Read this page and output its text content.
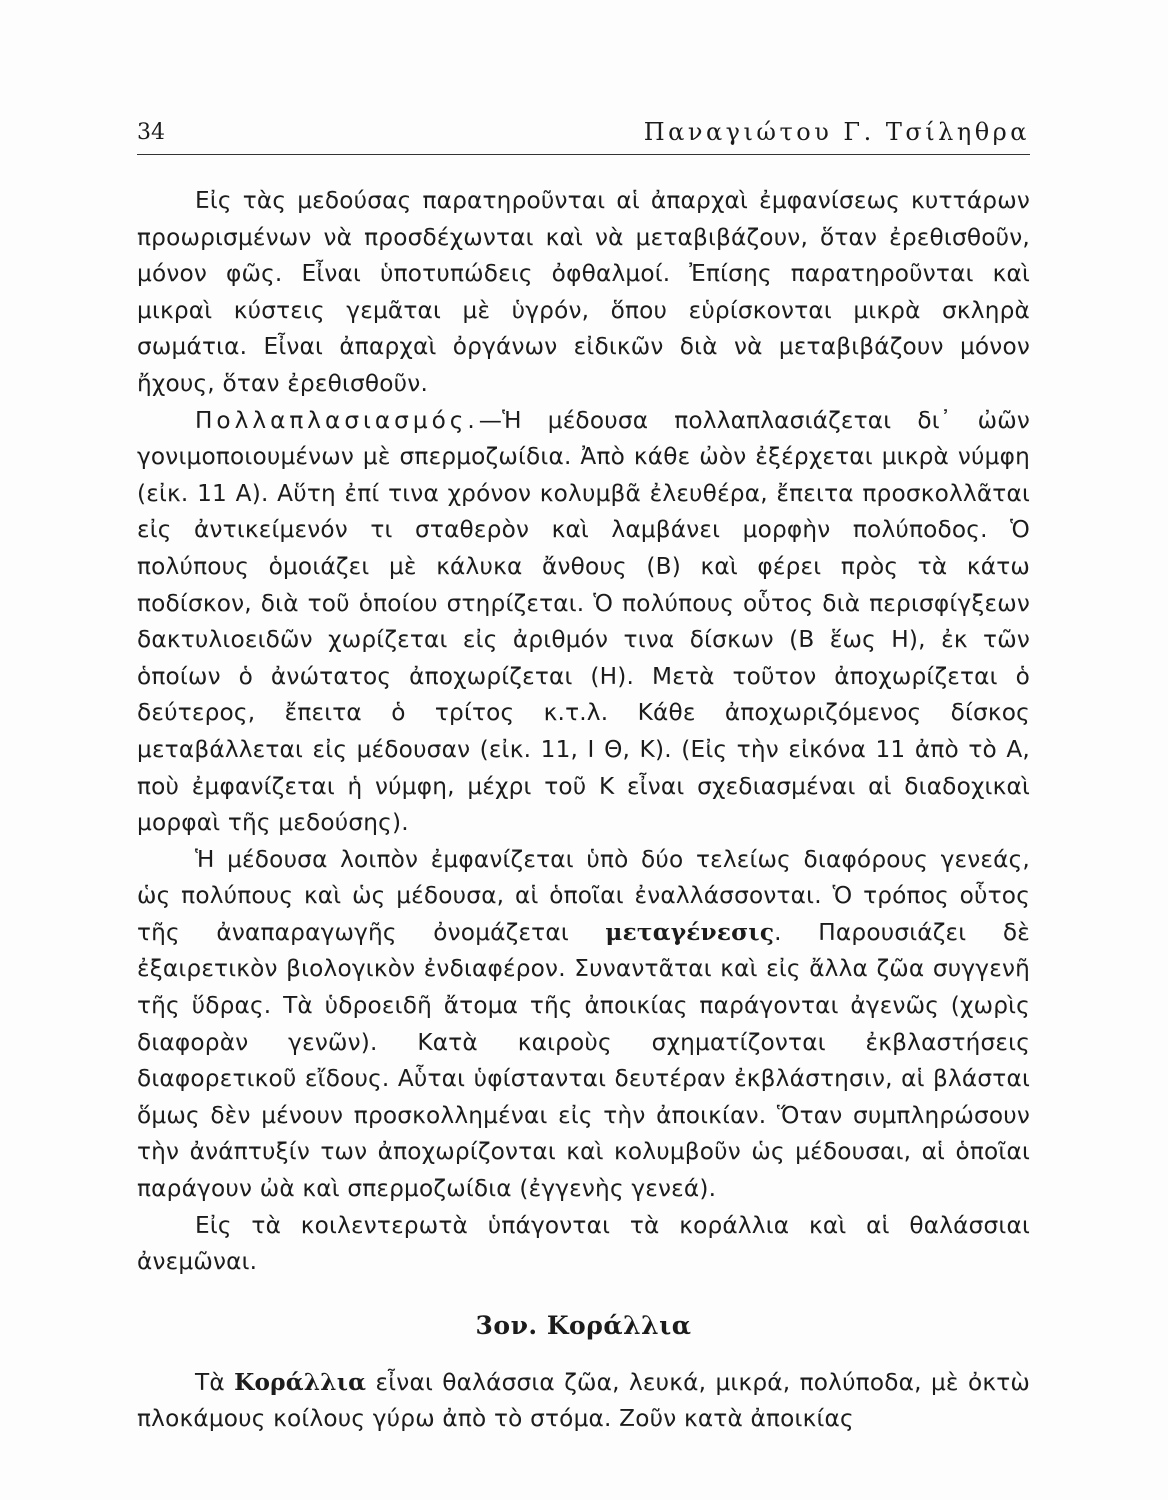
34	Παναγιώτου Γ. Τσίληθρα

Εἰς τὰς μεδούσας παρατηροῦνται αἱ ἀπαρχαὶ ἐμφανίσεως κυττάρων προωρισμένων νὰ προσδέχωνται καὶ νὰ μεταβιβάζουν, ὅταν ἐρεθισθοῦν, μόνον φῶς. Εἶναι ὑποτυπώδεις ὀφθαλμοί. Ἐπίσης παρατηροῦνται καὶ μικραὶ κύστεις γεμᾶται μὲ ὑγρόν, ὅπου εὑρίσκονται μικρὰ σκληρὰ σωμάτια. Εἶναι ἀπαρχαὶ ὀργάνων εἰδικῶν διὰ νὰ μεταβιβάζουν μόνον ἤχους, ὅταν ἐρεθισθοῦν.

Πολλαπλασιασμός.—Ἡ μέδουσα πολλαπλασιάζεται δι᾽ ὠῶν γονιμοποιουμένων μὲ σπερμοζωίδια. Ἀπὸ κάθε ὠὸν ἐξέρχεται μικρὰ νύμφη (εἰκ. 11 Α). Αὕτη ἐπί τινα χρόνον κολυμβᾶ ἐλευθέρα, ἔπειτα προσκολλᾶται εἰς ἀντικείμενόν τι σταθερὸν καὶ λαμβάνει μορφὴν πολύποδος. Ὁ πολύπους ὁμοιάζει μὲ κάλυκα ἄνθους (Β) καὶ φέρει πρὸς τὰ κάτω ποδίσκον, διὰ τοῦ ὁποίου στηρίζεται. Ὁ πολύπους οὗτος διὰ περισφίγξεων δακτυλιοειδῶν χωρίζεται εἰς ἀριθμόν τινα δίσκων (Β ἕως Η), ἐκ τῶν ὁποίων ὁ ἀνώτατος ἀποχωρίζεται (Η). Μετὰ τοῦτον ἀποχωρίζεται ὁ δεύτερος, ἔπειτα ὁ τρίτος κ.τ.λ. Κάθε ἀποχωριζόμενος δίσκος μεταβάλλεται εἰς μέδουσαν (εἰκ. 11, Ι Θ, Κ). (Εἰς τὴν εἰκόνα 11 ἀπὸ τὸ Α, ποὺ ἐμφανίζεται ἡ νύμφη, μέχρι τοῦ Κ εἶναι σχεδιασμέναι αἱ διαδοχικαὶ μορφαὶ τῆς μεδούσης).

Ἡ μέδουσα λοιπὸν ἐμφανίζεται ὑπὸ δύο τελείως διαφόρους γενεάς, ὡς πολύπους καὶ ὡς μέδουσα, αἱ ὁποῖαι ἐναλλάσσονται. Ὁ τρόπος οὗτος τῆς ἀναπαραγωγῆς ὀνομάζεται μεταγένεσις. Παρουσιάζει δὲ ἐξαιρετικὸν βιολογικὸν ἐνδιαφέρον. Συναντᾶται καὶ εἰς ἄλλα ζῶα συγγενῆ τῆς ὕδρας. Τὰ ὑδροειδῆ ἄτομα τῆς ἀποικίας παράγονται ἀγενῶς (χωρὶς διαφορὰν γενῶν). Κατὰ καιροὺς σχηματίζονται ἐκβλαστήσεις διαφορετικοῦ εἴδους. Αὗται ὑφίστανται δευτέραν ἐκβλάστησιν, αἱ βλάσται ὅμως δὲν μένουν προσκολλημέναι εἰς τὴν ἀποικίαν. Ὅταν συμπληρώσουν τὴν ἀνάπτυξίν των ἀποχωρίζονται καὶ κολυμβοῦν ὡς μέδουσαι, αἱ ὁποῖαι παράγουν ὠὰ καὶ σπερμοζωίδια (ἐγγενὴς γενεά).

Εἰς τὰ κοιλεντερωτὰ ὑπάγονται τὰ κοράλλια καὶ αἱ θαλάσσιαι ἀνεμῶναι.

3ον. Κοράλλια

Τὰ Κοράλλια εἶναι θαλάσσια ζῶα, λευκά, μικρά, πολύποδα, μὲ ὀκτὼ πλοκάμους κοίλους γύρω ἀπὸ τὸ στόμα. Ζοῦν κατὰ ἀποικίας
